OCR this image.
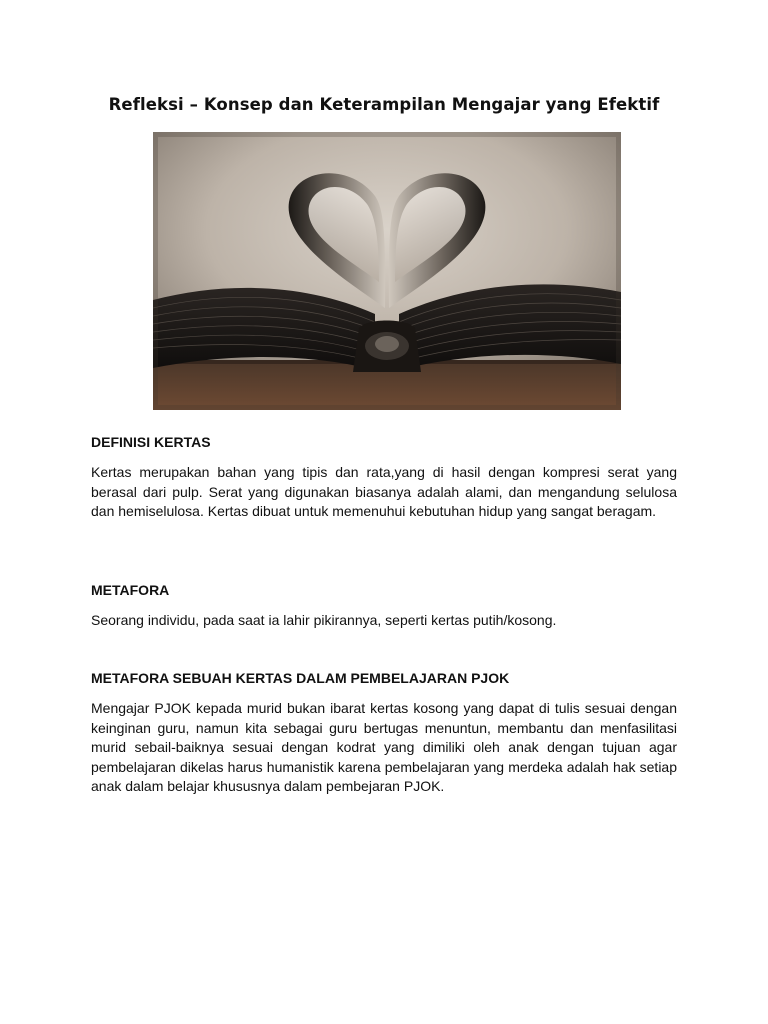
Refleksi – Konsep dan Keterampilan Mengajar yang Efektif
DEFINISI KERTAS

Kertas merupakan bahan yang tipis dan rata,yang di hasil dengan kompresi serat yang berasal dari pulp. Serat yang digunakan biasanya adalah alami, dan mengandung selulosa dan hemiselulosa. Kertas dibuat untuk memenuhui kebutuhan hidup yang sangat beragam.

METAFORA

Seorang individu, pada saat ia lahir pikirannya, seperti kertas putih/kosong.

METAFORA SEBUAH KERTAS DALAM PEMBELAJARAN PJOK

Mengajar PJOK kepada murid bukan ibarat kertas kosong yang dapat di tulis sesuai dengan keinginan guru, namun kita sebagai guru bertugas menuntun, membantu dan menfasilitasi murid sebail-baiknya sesuai dengan kodrat yang dimiliki oleh anak dengan tujuan agar pembelajaran dikelas harus humanistik karena pembelajaran yang merdeka adalah hak setiap anak dalam belajar khususnya dalam pembejaran PJOK.
